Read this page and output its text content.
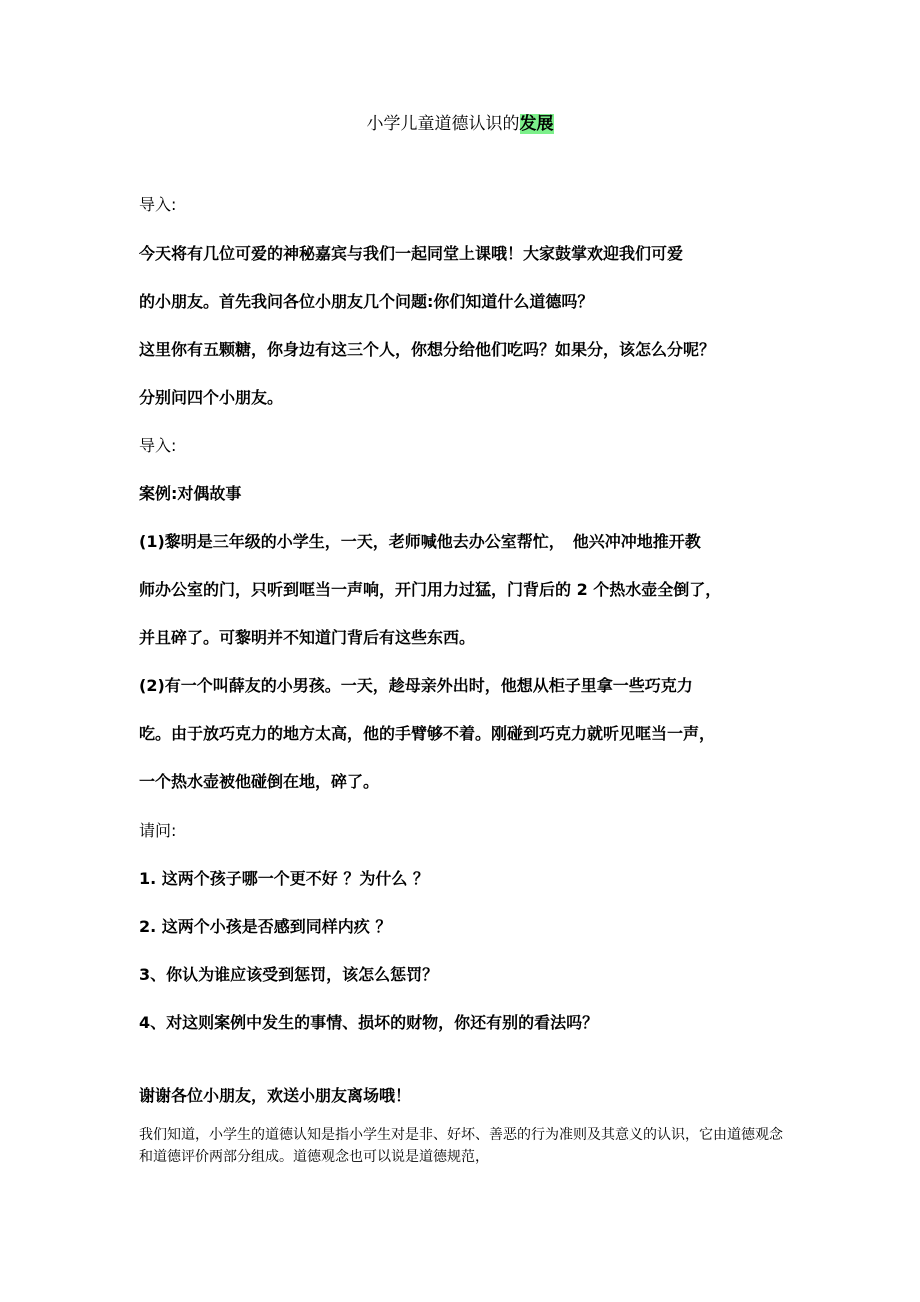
小学儿童道德认识的发展
导入:
今天将有几位可爱的神秘嘉宾与我们一起同堂上课哦！大家鼓掌欢迎我们可爱
的小朋友。首先我问各位小朋友几个问题:你们知道什么道德吗？
这里你有五颗糖，你身边有这三个人，你想分给他们吃吗？如果分，该怎么分呢？
分别问四个小朋友。
导入:
案例:对偶故事
(1)黎明是三年级的小学生，一天，老师喊他去办公室帮忙，　他兴冲冲地推开教
师办公室的门，只听到哐当一声响，开门用力过猛，门背后的 2 个热水壶全倒了，
并且碎了。可黎明并不知道门背后有这些东西。
(2)有一个叫薛友的小男孩。一天，趁母亲外出时，他想从柜子里拿一些巧克力
吃。由于放巧克力的地方太高，他的手臂够不着。刚碰到巧克力就听见哐当一声，
一个热水壶被他碰倒在地，碎了。
请问:
1. 这两个孩子哪一个更不好 ？为什么 ？
2. 这两个小孩是否感到同样内疚 ？
3、你认为谁应该受到惩罚，该怎么惩罚？
4、对这则案例中发生的事情、损坏的财物，你还有别的看法吗？
谢谢各位小朋友，欢送小朋友离场哦！
我们知道，小学生的道德认知是指小学生对是非、好坏、善恶的行为准则及其意义的认识，它由道德观念和道德评价两部分组成。道德观念也可以说是道德规范，
